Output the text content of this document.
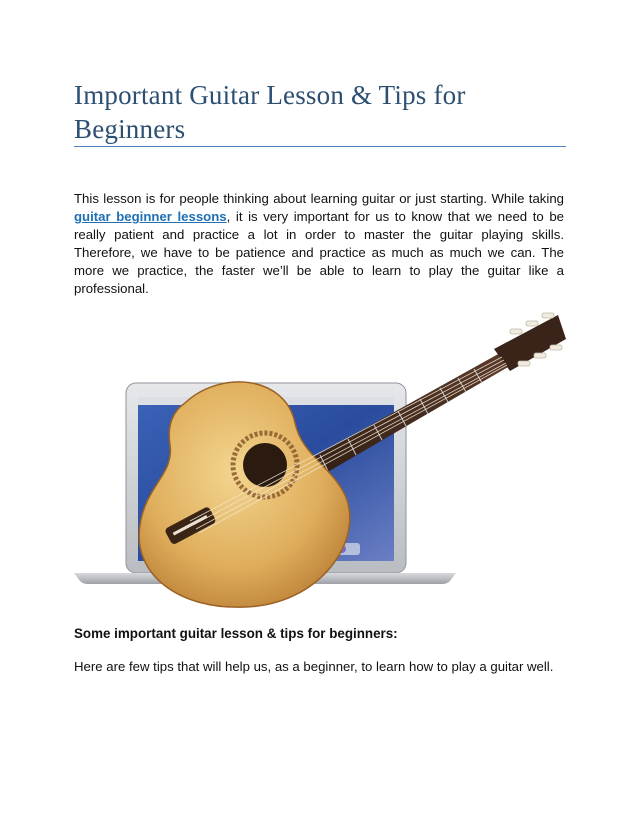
Important Guitar Lesson & Tips for Beginners

This lesson is for people thinking about learning guitar or just starting. While taking guitar beginner lessons, it is very important for us to know that we need to be really patient and practice a lot in order to master the guitar playing skills. Therefore, we have to be patience and practice as much as much we can. The more we practice, the faster we’ll be able to learn to play the guitar like a professional.

Some important guitar lesson & tips for beginners:

Here are few tips that will help us, as a beginner, to learn how to play a guitar well.
